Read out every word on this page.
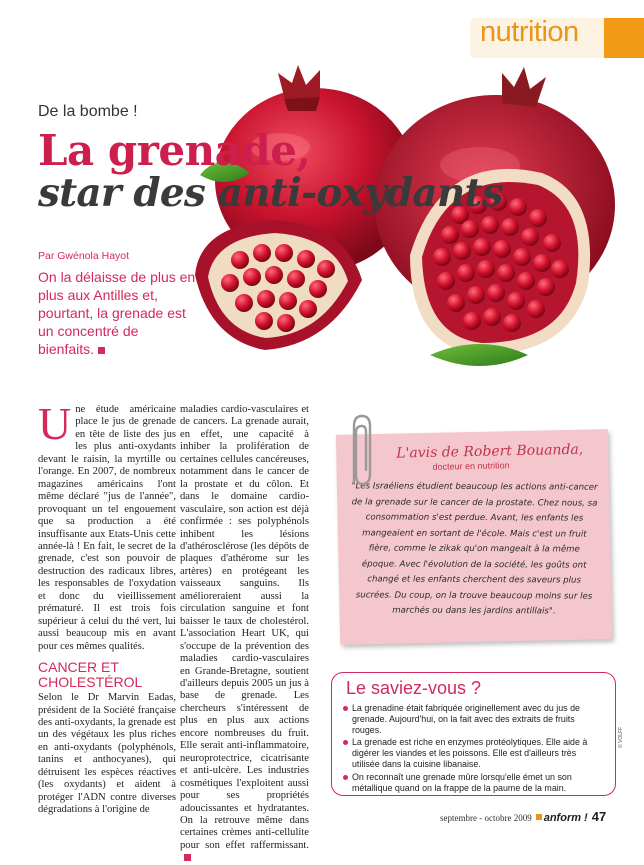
nutrition
De la bombe !
La grenade,
star des anti-oxydants
Par Gwénola Hayot
On la délaisse de plus en plus aux Antilles et, pourtant, la grenade est un concentré de bienfaits.
U ne étude américaine place le jus de grenade en tête de liste des jus les plus anti-oxydants devant le raisin, la myrtille ou l'orange. En 2007, de nombreux magazines américains l'ont même déclaré "jus de l'année", provoquant un tel engouement que sa production a été insuffisante aux Etats-Unis cette année-là ! En fait, le secret de la grenade, c'est son pouvoir de destruction des radicaux libres, les responsables de l'oxydation et donc du vieillissement prématuré. Il est trois fois supérieur à celui du thé vert, lui aussi beaucoup mis en avant pour ces mêmes qualités.
CANCER ET CHOLESTÉROL
Selon le Dr Marvin Eadas, président de la Société française des anti-oxydants, la grenade est un des végétaux les plus riches en anti-oxydants (polyphénols, tanins et anthocyanes), qui détruisent les espèces réactives (les oxydants) et aident à protéger l'ADN contre diverses dégradations à l'origine de
maladies cardio-vasculaires et de cancers. La grenade aurait, en effet, une capacité à inhiber la prolifération de certaines cellules cancéreuses, notamment dans le cancer de la prostate et du côlon. Et dans le domaine cardio-vasculaire, son action est déjà confirmée : ses polyphénols inhibent les lésions d'athérosclérose (les dépôts de plaques d'athérome sur les artères) en protégeant les vaisseaux sanguins. Ils amélioreraient aussi la circulation sanguine et font baisser le taux de cholestérol. L'association Heart UK, qui s'occupe de la prévention des maladies cardio-vasculaires en Grande-Bretagne, soutient d'ailleurs depuis 2005 un jus à base de grenade. Les chercheurs s'intéressent de plus en plus aux actions encore nombreuses du fruit. Elle serait anti-inflammatoire, neuroprotectrice, cicatrisante et anti-ulcère. Les industries cosmétiques l'exploitent aussi pour ses propriétés adoucissantes et hydratantes. On la retrouve même dans certaines crèmes anti-cellulite pour son effet raffermissant.
L'avis de Robert Bouanda,
docteur en nutrition
"Les Israéliens étudient beaucoup les actions anti-cancer de la grenade sur le cancer de la prostate. Chez nous, sa consommation s'est perdue. Avant, les enfants les mangeaient en sortant de l'école. Mais c'est un fruit fière, comme le zikak qu'on mangeait à la même époque. Avec l'évolution de la société, les goûts ont changé et les enfants cherchent des saveurs plus sucrées. Du coup, on la trouve beaucoup moins sur les marchés ou dans les jardins antillais".
Le saviez-vous ?
La grenadine était fabriquée originellement avec du jus de grenade. Aujourd'hui, on la fait avec des extraits de fruits rouges.
La grenade est riche en enzymes protéolytiques. Elle aide à digérer les viandes et les poissons. Elle est d'ailleurs très utilisée dans la cuisine libanaise.
On reconnaît une grenade mûre lorsqu'elle émet un son métallique quand on la frappe de la paume de la main.
© VOLFF
septembre - octobre 2009 anform ! 47
